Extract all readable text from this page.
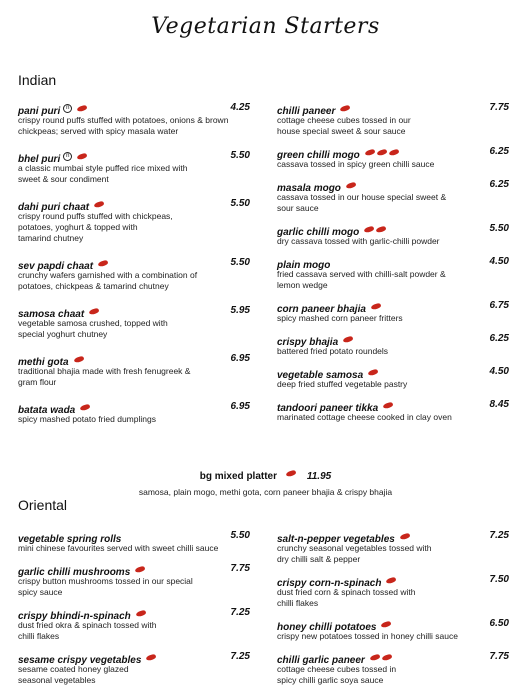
Vegetarian Starters
Indian
pani puri n	4.25
crispy round puffs stuffed with potatoes, onions & brown
chickpeas; served with spicy masala water
bhel puri n	5.50
a classic mumbai style puffed rice mixed with
sweet & sour condiment
dahi puri chaat	5.50
crispy round puffs stuffed with chickpeas,
potatoes, yoghurt & topped with
tamarind chutney
sev papdi chaat	5.50
crunchy wafers garnished with a combination of
potatoes, chickpeas & tamarind chutney
samosa chaat	5.95
vegetable samosa crushed, topped with
special yoghurt chutney
methi gota	6.95
traditional bhajia made with fresh fenugreek &
gram flour
batata wada	6.95
spicy mashed potato fried dumplings
chilli paneer	7.75
cottage cheese cubes tossed in our
house special sweet & sour sauce
green chilli mogo	6.25
cassava tossed in spicy green chilli sauce
masala mogo	6.25
cassava tossed in our house special sweet &
sour sauce
garlic chilli mogo	5.50
dry cassava tossed with garlic-chilli powder
plain mogo	4.50
fried cassava served with chilli-salt powder &
lemon wedge
corn paneer bhajia	6.75
spicy mashed corn paneer fritters
crispy bhajia	6.25
battered fried potato roundels
vegetable samosa	4.50
deep fried stuffed vegetable pastry
tandoori paneer tikka	8.45
marinated cottage cheese cooked in clay oven
bg mixed platter	11.95
samosa, plain mogo, methi gota, corn paneer bhajia & crispy bhajia
Oriental
vegetable spring rolls	5.50
mini chinese favourites served with sweet chilli sauce
garlic chilli mushrooms	7.75
crispy button mushrooms tossed in our special
spicy sauce
crispy bhindi-n-spinach	7.25
dust fried okra & spinach tossed with
chilli flakes
sesame crispy vegetables	7.25
sesame coated honey glazed
seasonal vegetables
salt-n-pepper vegetables	7.25
crunchy seasonal vegetables tossed with
dry chilli salt & pepper
crispy corn-n-spinach	7.50
dust fried corn & spinach tossed with
chilli flakes
honey chilli potatoes	6.50
crispy new potatoes tossed in honey chilli sauce
chilli garlic paneer	7.75
cottage cheese cubes tossed in
spicy chilli garlic soya sauce
